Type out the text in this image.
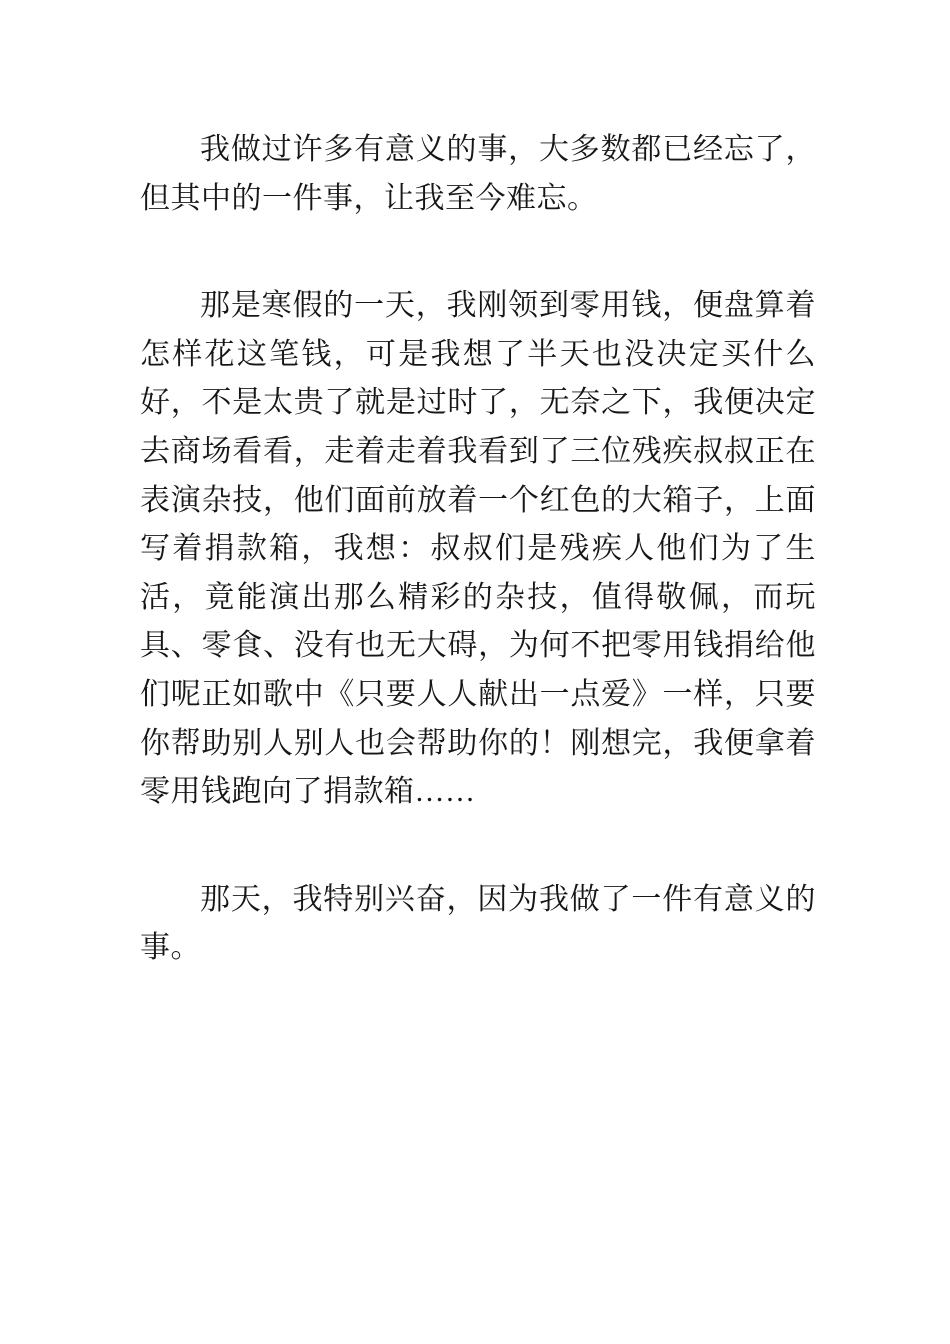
我做过许多有意义的事，大多数都已经忘了，但其中的一件事，让我至今难忘。

那是寒假的一天，我刚领到零用钱，便盘算着怎样花这笔钱，可是我想了半天也没决定买什么好，不是太贵了就是过时了，无奈之下，我便决定去商场看看，走着走着我看到了三位残疾叔叔正在表演杂技，他们面前放着一个红色的大箱子，上面写着捐款箱，我想：叔叔们是残疾人他们为了生活，竟能演出那么精彩的杂技，值得敬佩，而玩具、零食、没有也无大碍，为何不把零用钱捐给他们呢正如歌中《只要人人献出一点爱》一样，只要你帮助别人别人也会帮助你的！刚想完，我便拿着零用钱跑向了捐款箱……

那天，我特别兴奋，因为我做了一件有意义的事。
